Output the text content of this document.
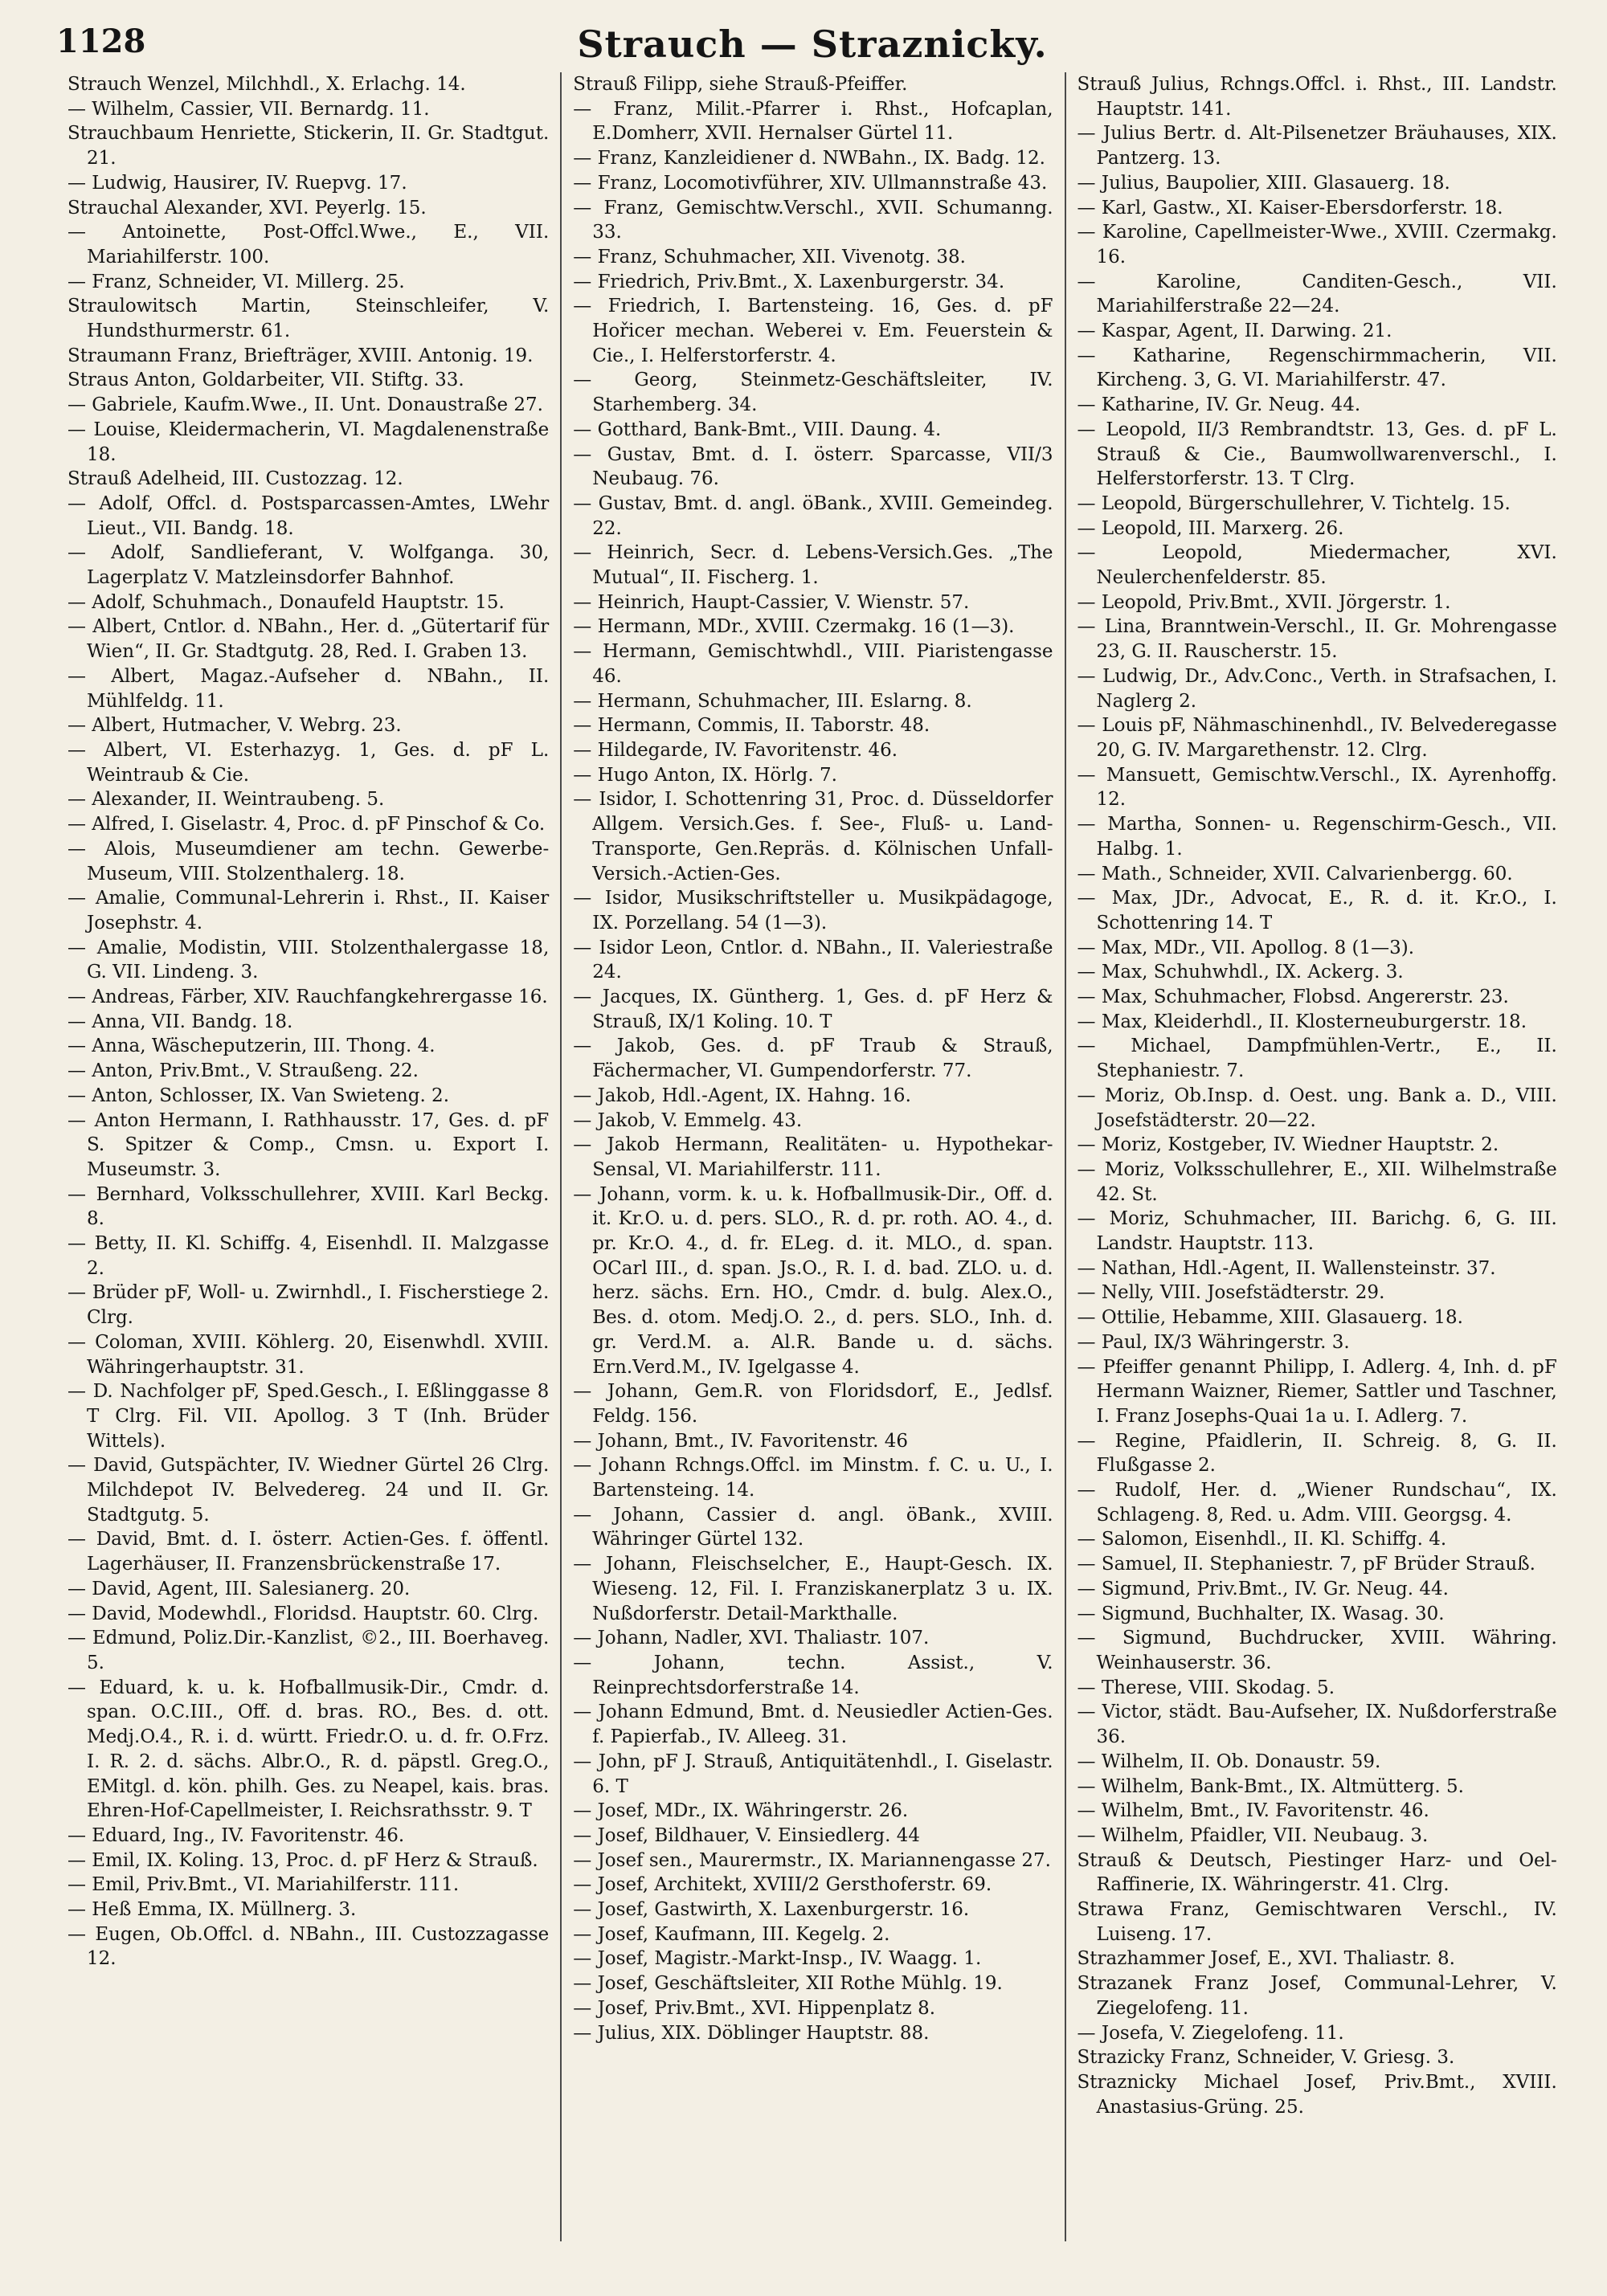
1128	Strauch — Straznicky.

Strauch Wenzel, Milchhdl., X. Erlachg. 14.

— Wilhelm, Cassier, VII. Bernardg. 11.

Strauchbaum Henriette, Stickerin, II. Gr. Stadtgut. 21.

— Ludwig, Hausirer, IV. Ruepvg. 17.

Strauchal Alexander, XVI. Peyerlg. 15.

— Antoinette, Post-Offcl.Wwe., E., VII. Mariahilferstr. 100.

— Franz, Schneider, VI. Millerg. 25.

Straulowitsch Martin, Steinschleifer, V. Hundsthurmerstr. 61.

Straumann Franz, Briefträger, XVIII. Antonig. 19.

Straus Anton, Goldarbeiter, VII. Stiftg. 33.

— Gabriele, Kaufm.Wwe., II. Unt. Donaustraße 27.

— Louise, Kleidermacherin, VI. Magdalenenstraße 18.

Strauß Adelheid, III. Custozzag. 12.

— Adolf, Offcl. d. Postsparcassen-Amtes, LWehr Lieut., VII. Bandg. 18.

— Adolf, Sandlieferant, V. Wolfganga. 30, Lagerplatz V. Matzleinsdorfer Bahnhof.

— Adolf, Schuhmach., Donaufeld Hauptstr. 15.

— Albert, Cntlor. d. NBahn., Her. d. „Gütertarif für Wien“, II. Gr. Stadtgutg. 28, Red. I. Graben 13.

— Albert, Magaz.-Aufseher d. NBahn., II. Mühlfeldg. 11.

— Albert, Hutmacher, V. Webrg. 23.

— Albert, VI. Esterhazyg. 1, Ges. d. pF L. Weintraub & Cie.

— Alexander, II. Weintraubeng. 5.

— Alfred, I. Giselastr. 4, Proc. d. pF Pinschof & Co.

— Alois, Museumdiener am techn. Gewerbe-Museum, VIII. Stolzenthalerg. 18.

— Amalie, Communal-Lehrerin i. Rhst., II. Kaiser Josephstr. 4.

— Amalie, Modistin, VIII. Stolzenthalergasse 18, G. VII. Lindeng. 3.

— Andreas, Färber, XIV. Rauchfangkehrergasse 16.

— Anna, VII. Bandg. 18.

— Anna, Wäscheputzerin, III. Thong. 4.

— Anton, Priv.Bmt., V. Straußeng. 22.

— Anton, Schlosser, IX. Van Swieteng. 2.

— Anton Hermann, I. Rathhausstr. 17, Ges. d. pF S. Spitzer & Comp., Cmsn. u. Export I. Museumstr. 3.

— Bernhard, Volksschullehrer, XVIII. Karl Beckg. 8.

— Betty, II. Kl. Schiffg. 4, Eisenhdl. II. Malzgasse 2.

— Brüder pF, Woll- u. Zwirnhdl., I. Fischerstiege 2. Clrg.

— Coloman, XVIII. Köhlerg. 20, Eisenwhdl. XVIII. Währingerhauptstr. 31.

— D. Nachfolger pF, Sped.Gesch., I. Eßlinggasse 8 T Clrg. Fil. VII. Apollog. 3 T (Inh. Brüder Wittels).

— David, Gutspächter, IV. Wiedner Gürtel 26 Clrg. Milchdepot IV. Belvedereg. 24 und II. Gr. Stadtgutg. 5.

— David, Bmt. d. I. österr. Actien-Ges. f. öffentl. Lagerhäuser, II. Franzensbrückenstraße 17.

— David, Agent, III. Salesianerg. 20.

— David, Modewhdl., Floridsd. Hauptstr. 60. Clrg.

— Edmund, Poliz.Dir.-Kanzlist, ©2., III. Boerhaveg. 5.

— Eduard, k. u. k. Hofballmusik-Dir., Cmdr. d. span. O.C.III., Off. d. bras. RO., Bes. d. ott. Medj.O.4., R. i. d. württ. Friedr.O. u. d. fr. O.Frz. I. R. 2. d. sächs. Albr.O., R. d. päpstl. Greg.O., EMitgl. d. kön. philh. Ges. zu Neapel, kais. bras. Ehren-Hof-Capellmeister, I. Reichsrathsstr. 9. T

— Eduard, Ing., IV. Favoritenstr. 46.

— Emil, IX. Koling. 13, Proc. d. pF Herz & Strauß.

— Emil, Priv.Bmt., VI. Mariahilferstr. 111.

— Heß Emma, IX. Müllnerg. 3.

— Eugen, Ob.Offcl. d. NBahn., III. Custozzagasse 12.

Strauß Filipp, siehe Strauß-Pfeiffer.

— Franz, Milit.-Pfarrer i. Rhst., Hofcaplan, E.Domherr, XVII. Hernalser Gürtel 11.

— Franz, Kanzleidiener d. NWBahn., IX. Badg. 12.

— Franz, Locomotivführer, XIV. Ullmannstraße 43.

— Franz, Gemischtw.Verschl., XVII. Schumanng. 33.

— Franz, Schuhmacher, XII. Vivenotg. 38.

— Friedrich, Priv.Bmt., X. Laxenburgerstr. 34.

— Friedrich, I. Bartensteing. 16, Ges. d. pF Hořicer mechan. Weberei v. Em. Feuerstein & Cie., I. Helferstorferstr. 4.

— Georg, Steinmetz-Geschäftsleiter, IV. Starhemberg. 34.

— Gotthard, Bank-Bmt., VIII. Daung. 4.

— Gustav, Bmt. d. I. österr. Sparcasse, VII/3 Neubaug. 76.

— Gustav, Bmt. d. angl. öBank., XVIII. Gemeindeg. 22.

— Heinrich, Secr. d. Lebens-Versich.Ges. „The Mutual“, II. Fischerg. 1.

— Heinrich, Haupt-Cassier, V. Wienstr. 57.

— Hermann, MDr., XVIII. Czermakg. 16 (1—3).

— Hermann, Gemischtwhdl., VIII. Piaristengasse 46.

— Hermann, Schuhmacher, III. Eslarng. 8.

— Hermann, Commis, II. Taborstr. 48.

— Hildegarde, IV. Favoritenstr. 46.

— Hugo Anton, IX. Hörlg. 7.

— Isidor, I. Schottenring 31, Proc. d. Düsseldorfer Allgem. Versich.Ges. f. See-, Fluß- u. Land-Transporte, Gen.Repräs. d. Kölnischen Unfall-Versich.-Actien-Ges.

— Isidor, Musikschriftsteller u. Musikpädagoge, IX. Porzellang. 54 (1—3).

— Isidor Leon, Cntlor. d. NBahn., II. Valeriestraße 24.

— Jacques, IX. Güntherg. 1, Ges. d. pF Herz & Strauß, IX/1 Koling. 10. T

— Jakob, Ges. d. pF Traub & Strauß, Fächermacher, VI. Gumpendorferstr. 77.

— Jakob, Hdl.-Agent, IX. Hahng. 16.

— Jakob, V. Emmelg. 43.

— Jakob Hermann, Realitäten- u. Hypothekar-Sensal, VI. Mariahilferstr. 111.

— Johann, vorm. k. u. k. Hofballmusik-Dir., Off. d. it. Kr.O. u. d. pers. SLO., R. d. pr. roth. AO. 4., d. pr. Kr.O. 4., d. fr. ELeg. d. it. MLO., d. span. OCarl III., d. span. Js.O., R. I. d. bad. ZLO. u. d. herz. sächs. Ern. HO., Cmdr. d. bulg. Alex.O., Bes. d. otom. Medj.O. 2., d. pers. SLO., Inh. d. gr. Verd.M. a. Al.R. Bande u. d. sächs. Ern.Verd.M., IV. Igelgasse 4.

— Johann, Gem.R. von Floridsdorf, E., Jedlsf. Feldg. 156.

— Johann, Bmt., IV. Favoritenstr. 46

— Johann Rchngs.Offcl. im Minstm. f. C. u. U., I. Bartensteing. 14.

— Johann, Cassier d. angl. öBank., XVIII. Währinger Gürtel 132.

— Johann, Fleischselcher, E., Haupt-Gesch. IX. Wieseng. 12, Fil. I. Franziskanerplatz 3 u. IX. Nußdorferstr. Detail-Markthalle.

— Johann, Nadler, XVI. Thaliastr. 107.

— Johann, techn. Assist., V. Reinprechtsdorferstraße 14.

— Johann Edmund, Bmt. d. Neusiedler Actien-Ges. f. Papierfab., IV. Alleeg. 31.

— John, pF J. Strauß, Antiquitätenhdl., I. Giselastr. 6. T

— Josef, MDr., IX. Währingerstr. 26.

— Josef, Bildhauer, V. Einsiedlerg. 44

— Josef sen., Maurermstr., IX. Mariannengasse 27.

— Josef, Architekt, XVIII/2 Gersthoferstr. 69.

— Josef, Gastwirth, X. Laxenburgerstr. 16.

— Josef, Kaufmann, III. Kegelg. 2.

— Josef, Magistr.-Markt-Insp., IV. Waagg. 1.

— Josef, Geschäftsleiter, XII Rothe Mühlg. 19.

— Josef, Priv.Bmt., XVI. Hippenplatz 8.

— Julius, XIX. Döblinger Hauptstr. 88.

Strauß Julius, Rchngs.Offcl. i. Rhst., III. Landstr. Hauptstr. 141.

— Julius Bertr. d. Alt-Pilsenetzer Bräuhauses, XIX. Pantzerg. 13.

— Julius, Baupolier, XIII. Glasauerg. 18.

— Karl, Gastw., XI. Kaiser-Ebersdorferstr. 18.

— Karoline, Capellmeister-Wwe., XVIII. Czermakg. 16.

— Karoline, Canditen-Gesch., VII. Mariahilferstraße 22—24.

— Kaspar, Agent, II. Darwing. 21.

— Katharine, Regenschirmmacherin, VII. Kircheng. 3, G. VI. Mariahilferstr. 47.

— Katharine, IV. Gr. Neug. 44.

— Leopold, II/3 Rembrandtstr. 13, Ges. d. pF L. Strauß & Cie., Baumwollwarenverschl., I. Helferstorferstr. 13. T Clrg.

— Leopold, Bürgerschullehrer, V. Tichtelg. 15.

— Leopold, III. Marxerg. 26.

— Leopold, Miedermacher, XVI. Neulerchenfelderstr. 85.

— Leopold, Priv.Bmt., XVII. Jörgerstr. 1.

— Lina, Branntwein-Verschl., II. Gr. Mohrengasse 23, G. II. Rauscherstr. 15.

— Ludwig, Dr., Adv.Conc., Verth. in Strafsachen, I. Naglerg 2.

— Louis pF, Nähmaschinenhdl., IV. Belvederegasse 20, G. IV. Margarethenstr. 12. Clrg.

— Mansuett, Gemischtw.Verschl., IX. Ayrenhoffg. 12.

— Martha, Sonnen- u. Regenschirm-Gesch., VII. Halbg. 1.

— Math., Schneider, XVII. Calvarienbergg. 60.

— Max, JDr., Advocat, E., R. d. it. Kr.O., I. Schottenring 14. T

— Max, MDr., VII. Apollog. 8 (1—3).

— Max, Schuhwhdl., IX. Ackerg. 3.

— Max, Schuhmacher, Flobsd. Angererstr. 23.

— Max, Kleiderhdl., II. Klosterneuburgerstr. 18.

— Michael, Dampfmühlen-Vertr., E., II. Stephaniestr. 7.

— Moriz, Ob.Insp. d. Oest. ung. Bank a. D., VIII. Josefstädterstr. 20—22.

— Moriz, Kostgeber, IV. Wiedner Hauptstr. 2.

— Moriz, Volksschullehrer, E., XII. Wilhelmstraße 42. St.

— Moriz, Schuhmacher, III. Barichg. 6, G. III. Landstr. Hauptstr. 113.

— Nathan, Hdl.-Agent, II. Wallensteinstr. 37.

— Nelly, VIII. Josefstädterstr. 29.

— Ottilie, Hebamme, XIII. Glasauerg. 18.

— Paul, IX/3 Währingerstr. 3.

— Pfeiffer genannt Philipp, I. Adlerg. 4, Inh. d. pF Hermann Waizner, Riemer, Sattler und Taschner, I. Franz Josephs-Quai 1a u. I. Adlerg. 7.

— Regine, Pfaidlerin, II. Schreig. 8, G. II. Flußgasse 2.

— Rudolf, Her. d. „Wiener Rundschau“, IX. Schlageng. 8, Red. u. Adm. VIII. Georgsg. 4.

— Salomon, Eisenhdl., II. Kl. Schiffg. 4.

— Samuel, II. Stephaniestr. 7, pF Brüder Strauß.

— Sigmund, Priv.Bmt., IV. Gr. Neug. 44.

— Sigmund, Buchhalter, IX. Wasag. 30.

— Sigmund, Buchdrucker, XVIII. Währing. Weinhauserstr. 36.

— Therese, VIII. Skodag. 5.

— Victor, städt. Bau-Aufseher, IX. Nußdorferstraße 36.

— Wilhelm, II. Ob. Donaustr. 59.

— Wilhelm, Bank-Bmt., IX. Altmütterg. 5.

— Wilhelm, Bmt., IV. Favoritenstr. 46.

— Wilhelm, Pfaidler, VII. Neubaug. 3.

Strauß & Deutsch, Piestinger Harz- und Oel-Raffinerie, IX. Währingerstr. 41. Clrg.

Strawa Franz, Gemischtwaren Verschl., IV. Luiseng. 17.

Strazhammer Josef, E., XVI. Thaliastr. 8.

Strazanek Franz Josef, Communal-Lehrer, V. Ziegelofeng. 11.

— Josefa, V. Ziegelofeng. 11.

Strazicky Franz, Schneider, V. Griesg. 3.

Straznicky Michael Josef, Priv.Bmt., XVIII. Anastasius-Grüng. 25.
